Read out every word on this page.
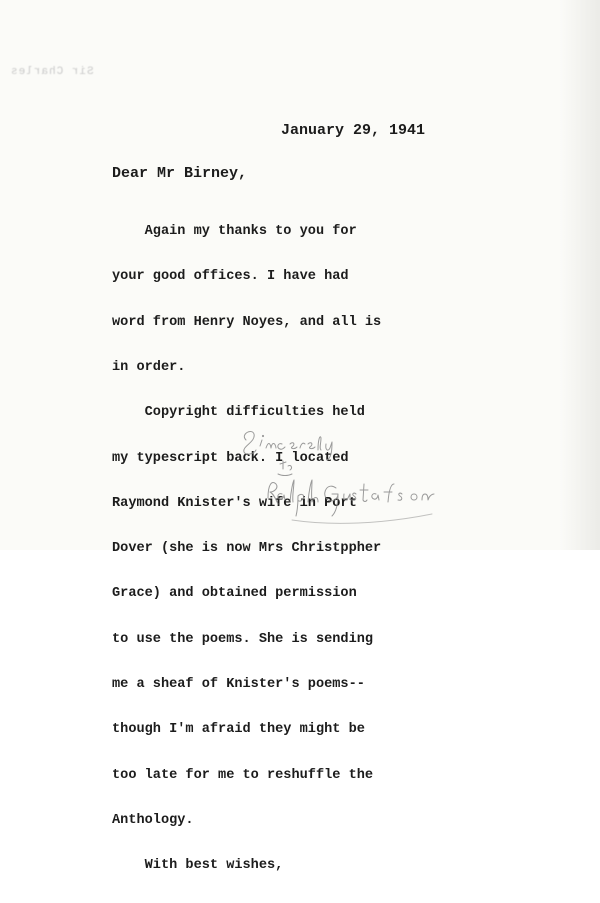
Sir Charles
January 29, 1941
Dear Mr Birney,

Again my thanks to you for

your good offices. I have had

word from Henry Noyes, and all is

in order.

Copyright difficulties held

my typescript back. I located

Raymond Knister's wife in Port

Dover (she is now Mrs Christppher

Grace) and obtained permission

to use the poems. She is sending

me a sheaf of Knister's poems--

though I'm afraid they might be

too late for me to reshuffle the

Anthology.

With best wishes,
